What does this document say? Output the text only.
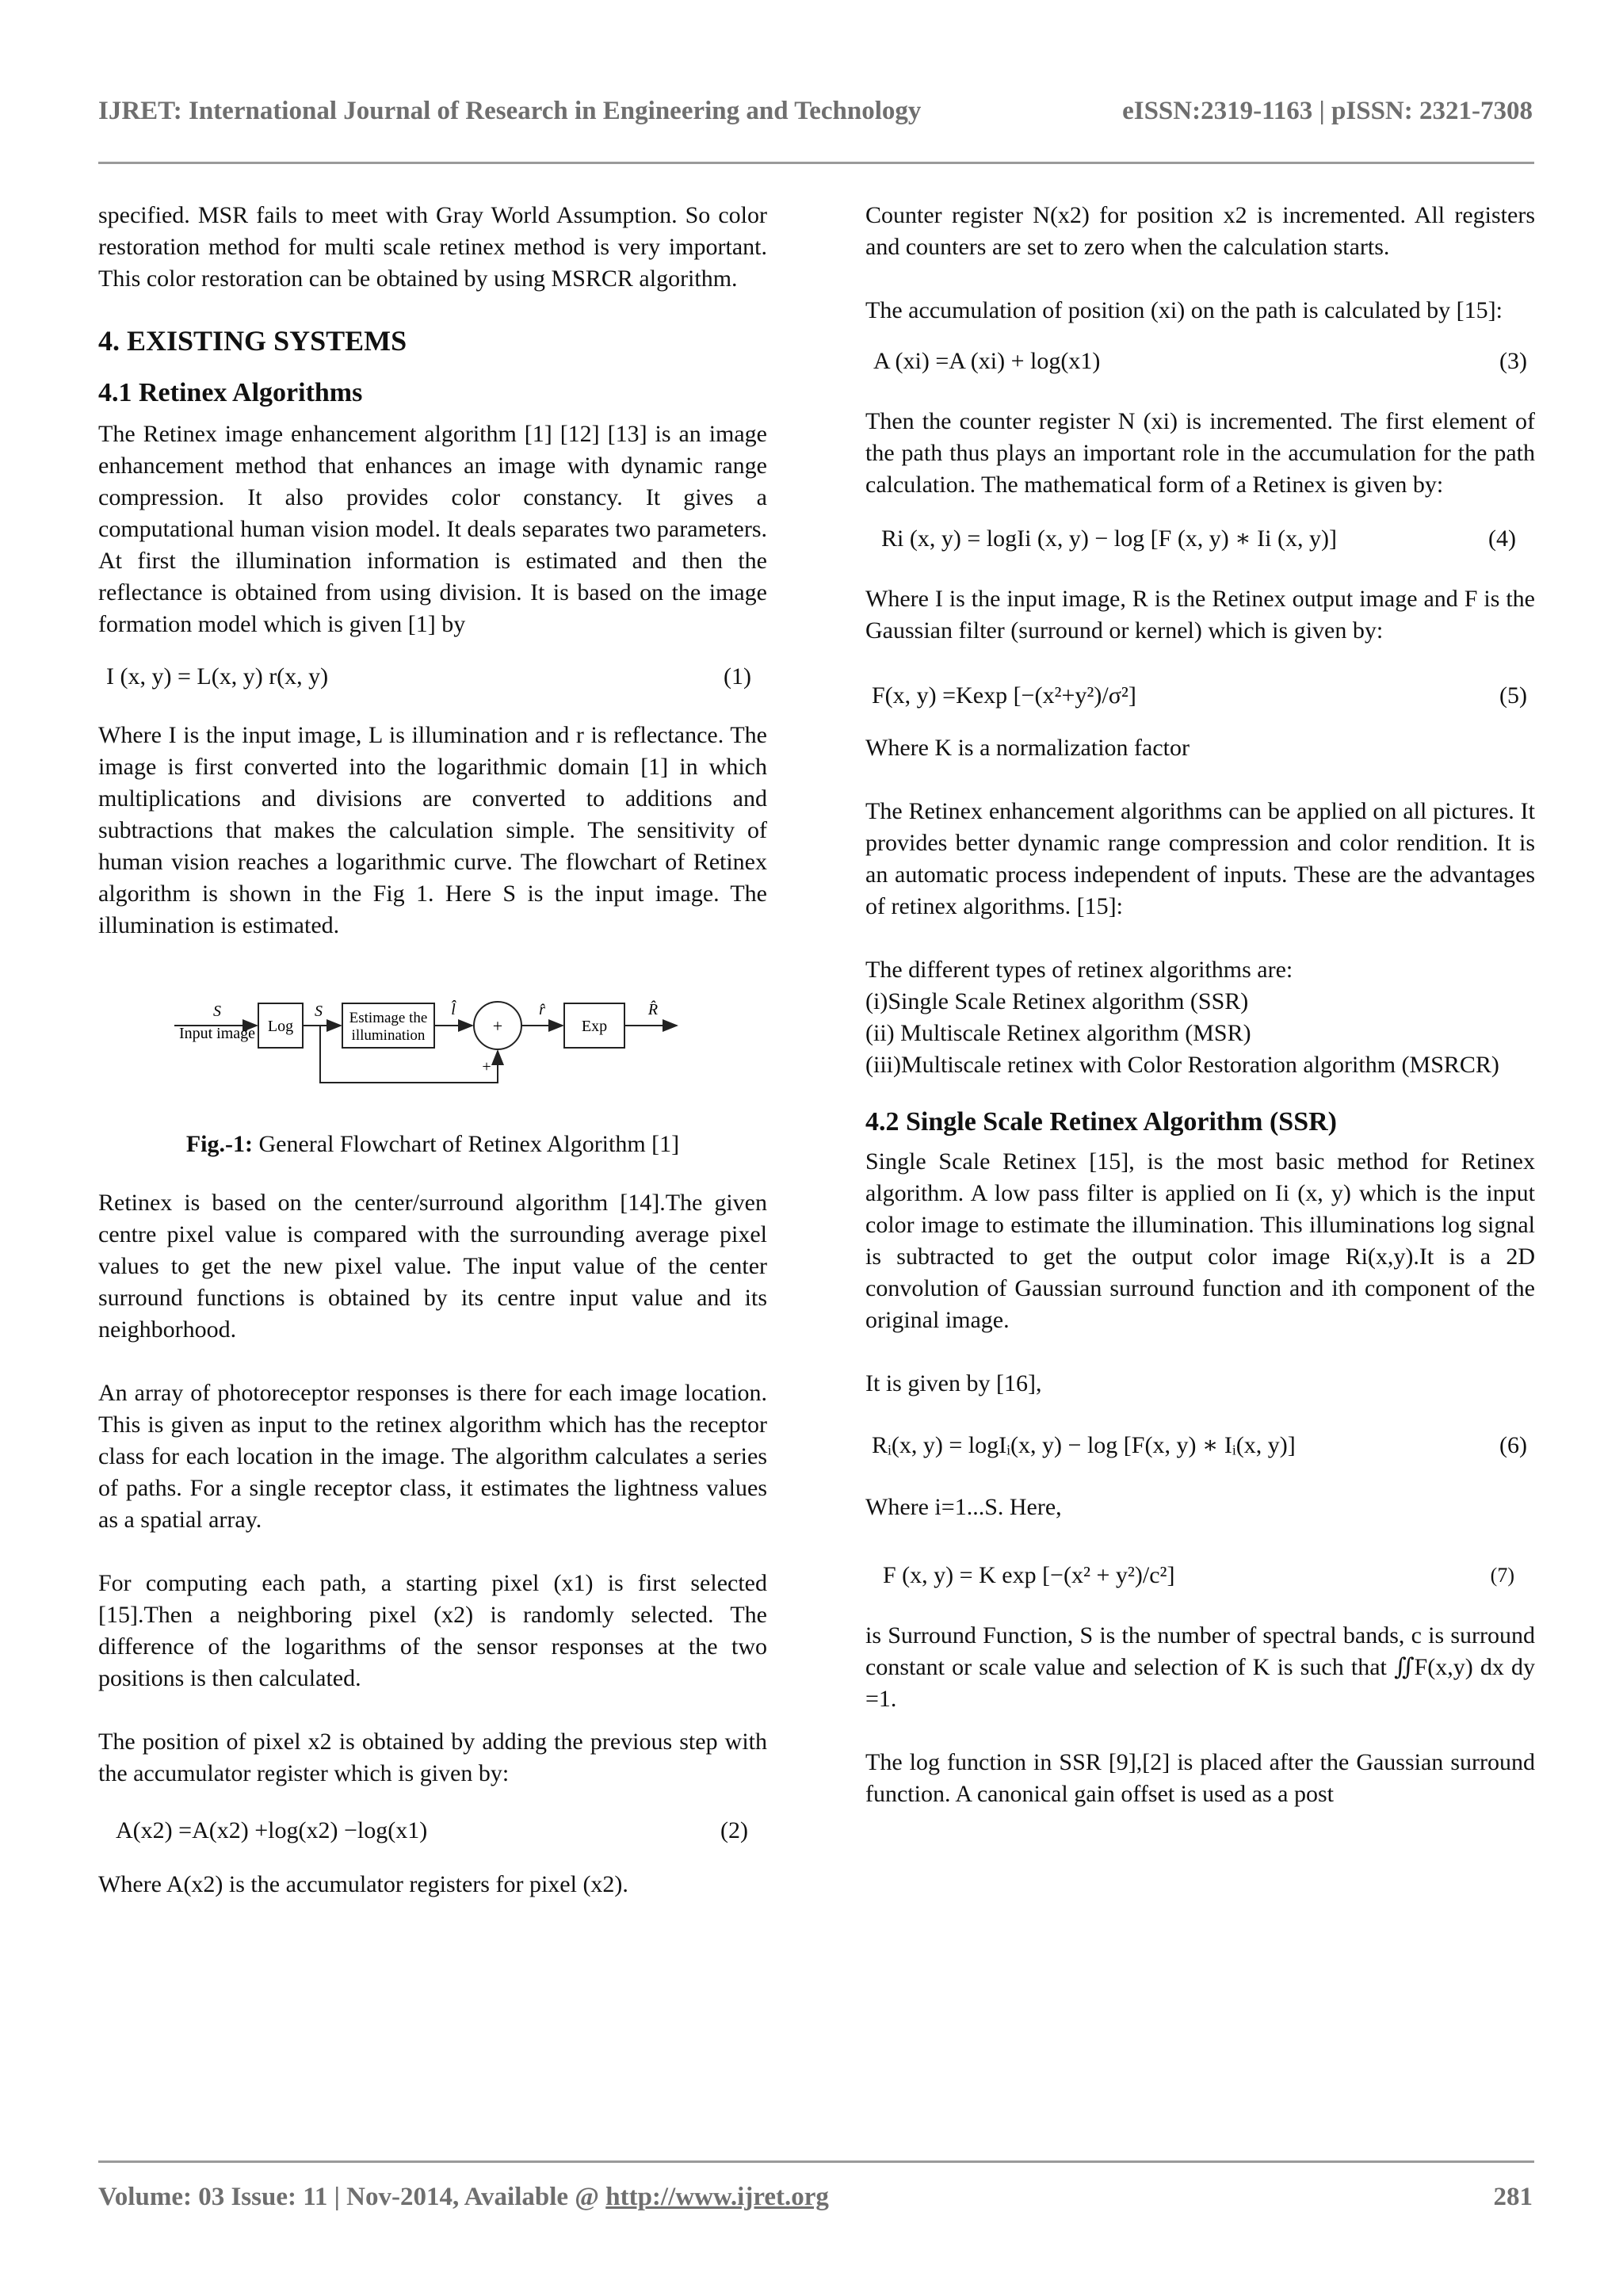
IJRET: International Journal of Research in Engineering and Technology	eISSN:2319-1163 | pISSN: 2321-7308

specified. MSR fails to meet with Gray World Assumption. So color restoration method for multi scale retinex method is very important. This color restoration can be obtained by using MSRCR algorithm.

4. EXISTING SYSTEMS
4.1 Retinex Algorithms

The Retinex image enhancement algorithm [1] [12] [13] is an image enhancement method that enhances an image with dynamic range compression. It also provides color constancy. It gives a computational human vision model. It deals separates two parameters. At first the illumination information is estimated and then the reflectance is obtained from using division. It is based on the image formation model which is given [1] by

I (x, y) = L(x, y) r(x, y)	(1)

Where I is the input image, L is illumination and r is reflectance. The image is first converted into the logarithmic domain [1] in which multiplications and divisions are converted to additions and subtractions that makes the calculation simple. The sensitivity of human vision reaches a logarithmic curve. The flowchart of Retinex algorithm is shown in the Fig 1. Here S is the input image. The illumination is estimated.

S
Input image Log
S Estimage the
illumination
l̂
+
r̂
Exp
R̂
+
Fig.-1: General Flowchart of Retinex Algorithm [1]

Retinex is based on the center/surround algorithm [14].The given centre pixel value is compared with the surrounding average pixel values to get the new pixel value. The input value of the center surround functions is obtained by its centre input value and its neighborhood.

An array of photoreceptor responses is there for each image location. This is given as input to the retinex algorithm which has the receptor class for each location in the image. The algorithm calculates a series of paths. For a single receptor class, it estimates the lightness values as a spatial array.

For computing each path, a starting pixel (x1) is first selected [15].Then a neighboring pixel (x2) is randomly selected. The difference of the logarithms of the sensor responses at the two positions is then calculated.

The position of pixel x2 is obtained by adding the previous step with the accumulator register which is given by:

A(x2) =A(x2) +log(x2) −log(x1)	(2)

Where A(x2) is the accumulator registers for pixel (x2).

Counter register N(x2) for position x2 is incremented. All registers and counters are set to zero when the calculation starts.

The accumulation of position (xi) on the path is calculated by [15]:

A (xi) =A (xi) + log(x1)	(3)

Then the counter register N (xi) is incremented. The first element of the path thus plays an important role in the accumulation for the path calculation. The mathematical form of a Retinex is given by:

Ri (x, y) = logIi (x, y) − log [F (x, y) ∗ Ii (x, y)]	(4)

Where I is the input image, R is the Retinex output image and F is the Gaussian filter (surround or kernel) which is given by:

F(x, y) =Kexp [−(x²+y²)/σ²]	(5)

Where K is a normalization factor

The Retinex enhancement algorithms can be applied on all pictures. It provides better dynamic range compression and color rendition. It is an automatic process independent of inputs. These are the advantages of retinex algorithms. [15]:

The different types of retinex algorithms are:

(i)Single Scale Retinex algorithm (SSR)

(ii) Multiscale Retinex algorithm (MSR)

(iii)Multiscale retinex with Color Restoration algorithm (MSRCR)

4.2 Single Scale Retinex Algorithm (SSR)

Single Scale Retinex [15], is the most basic method for Retinex algorithm. A low pass filter is applied on Ii (x, y) which is the input color image to estimate the illumination. This illuminations log signal is subtracted to get the output color image Ri(x,y).It is a 2D convolution of Gaussian surround function and ith component of the original image.

It is given by [16],

Rᵢ(x, y) = logIᵢ(x, y) − log [F(x, y) ∗ Iᵢ(x, y)]	(6)

Where i=1...S. Here,

F (x, y) = K exp [−(x² + y²)/c²]	(7)

is Surround Function, S is the number of spectral bands, c is surround constant or scale value and selection of K is such that ∬F(x,y) dx dy =1.

The log function in SSR [9],[2] is placed after the Gaussian surround function. A canonical gain offset is used as a post

Volume: 03 Issue: 11 | Nov-2014, Available @ http://www.ijret.org	281
